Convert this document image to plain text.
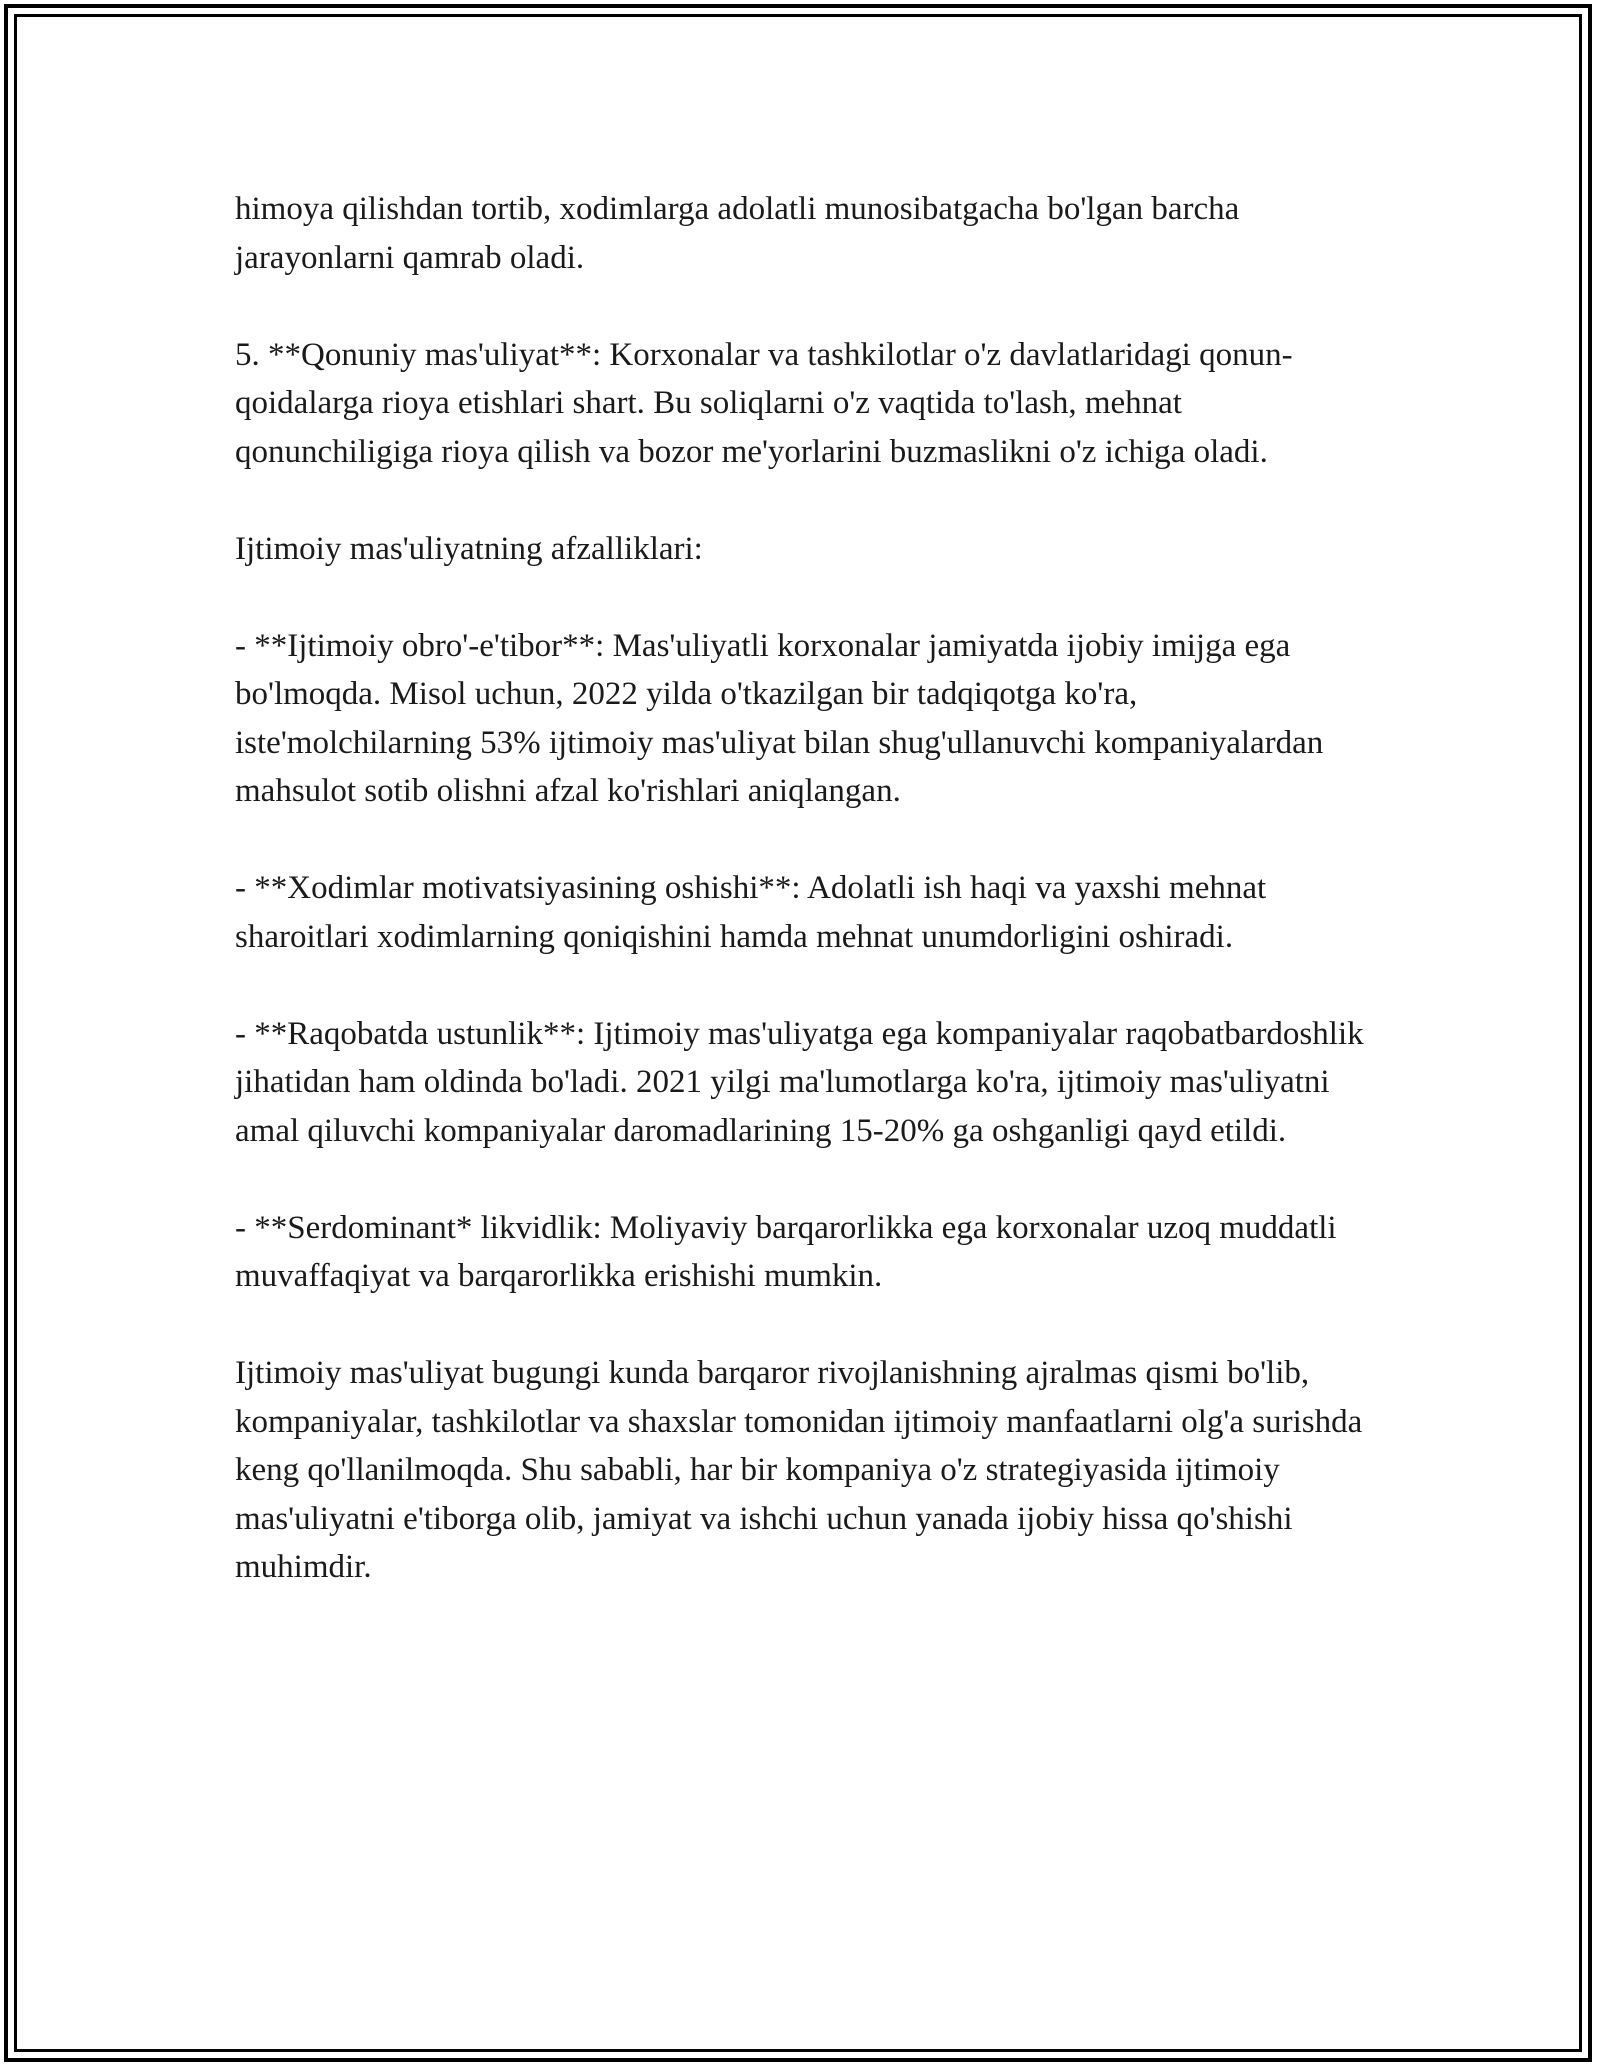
himoya qilishdan tortib, xodimlarga adolatli munosibatgacha bo'lgan barcha jarayonlarni qamrab oladi.

5. **Qonuniy mas'uliyat**: Korxonalar va tashkilotlar o'z davlatlaridagi qonun-qoidalarga rioya etishlari shart. Bu soliqlarni o'z vaqtida to'lash, mehnat qonunchiligiga rioya qilish va bozor me'yorlarini buzmaslikni o'z ichiga oladi.

Ijtimoiy mas'uliyatning afzalliklari:

- **Ijtimoiy obro'-e'tibor**: Mas'uliyatli korxonalar jamiyatda ijobiy imijga ega bo'lmoqda. Misol uchun, 2022 yilda o'tkazilgan bir tadqiqotga ko'ra, iste'molchilarning 53% ijtimoiy mas'uliyat bilan shug'ullanuvchi kompaniyalardan mahsulot sotib olishni afzal ko'rishlari aniqlangan.

- **Xodimlar motivatsiyasining oshishi**: Adolatli ish haqi va yaxshi mehnat sharoitlari xodimlarning qoniqishini hamda mehnat unumdorligini oshiradi.

- **Raqobatda ustunlik**: Ijtimoiy mas'uliyatga ega kompaniyalar raqobatbardoshlik jihatidan ham oldinda bo'ladi. 2021 yilgi ma'lumotlarga ko'ra, ijtimoiy mas'uliyatni amal qiluvchi kompaniyalar daromadlarining 15-20% ga oshganligi qayd etildi.

- **Serdominant* likvidlik: Moliyaviy barqarorlikka ega korxonalar uzoq muddatli muvaffaqiyat va barqarorlikka erishishi mumkin.

Ijtimoiy mas'uliyat bugungi kunda barqaror rivojlanishning ajralmas qismi bo'lib, kompaniyalar, tashkilotlar va shaxslar tomonidan ijtimoiy manfaatlarni olg'a surishda keng qo'llanilmoqda. Shu sababli, har bir kompaniya o'z strategiyasida ijtimoiy mas'uliyatni e'tiborga olib, jamiyat va ishchi uchun yanada ijobiy hissa qo'shishi muhimdir.
